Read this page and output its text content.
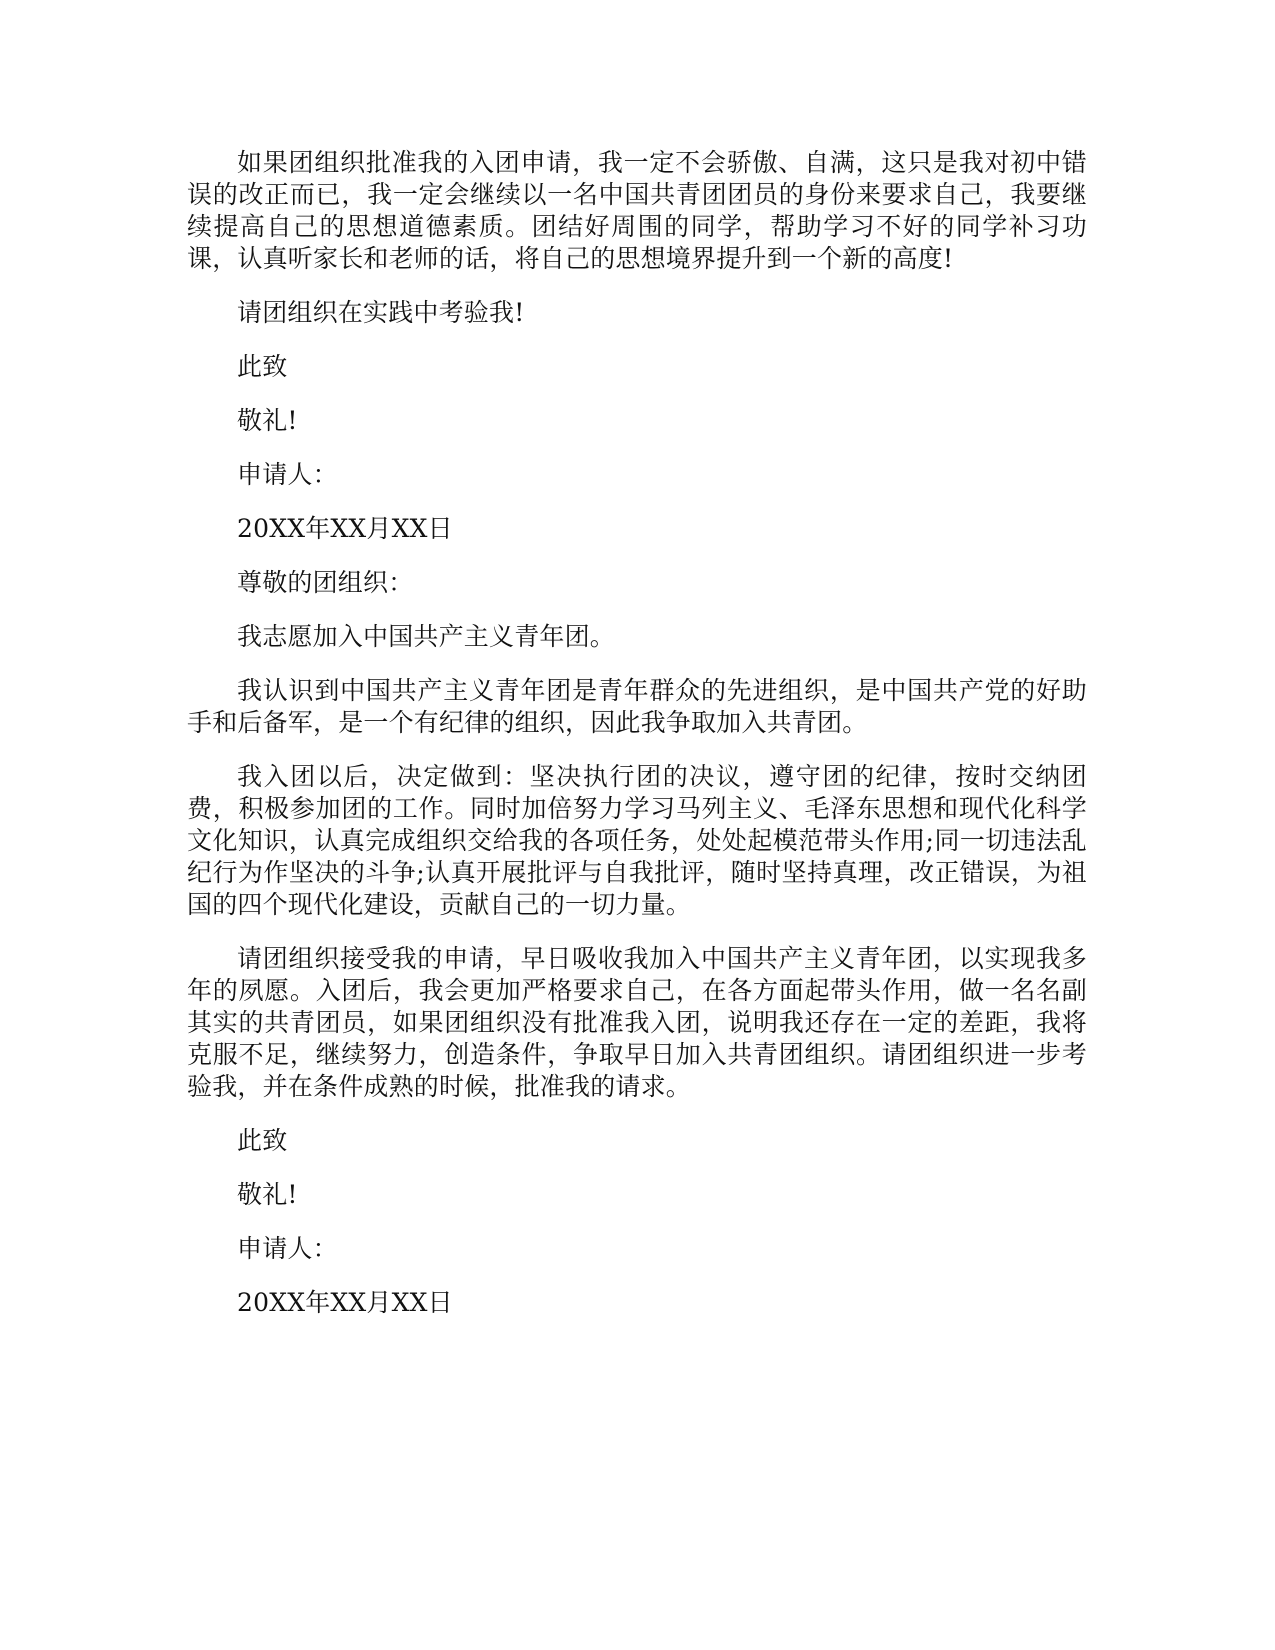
如果团组织批准我的入团申请，我一定不会骄傲、自满，这只是我对初中错误的改正而已，我一定会继续以一名中国共青团团员的身份来要求自己，我要继续提高自己的思想道德素质。团结好周围的同学，帮助学习不好的同学补习功课，认真听家长和老师的话，将自己的思想境界提升到一个新的高度!

请团组织在实践中考验我!

此致

敬礼!

申请人：

20XX年XX月XX日

尊敬的团组织：

我志愿加入中国共产主义青年团。

我认识到中国共产主义青年团是青年群众的先进组织，是中国共产党的好助手和后备军，是一个有纪律的组织，因此我争取加入共青团。

我入团以后，决定做到：坚决执行团的决议，遵守团的纪律，按时交纳团费，积极参加团的工作。同时加倍努力学习马列主义、毛泽东思想和现代化科学文化知识，认真完成组织交给我的各项任务，处处起模范带头作用;同一切违法乱纪行为作坚决的斗争;认真开展批评与自我批评，随时坚持真理，改正错误，为祖国的四个现代化建设，贡献自己的一切力量。

请团组织接受我的申请，早日吸收我加入中国共产主义青年团，以实现我多年的夙愿。入团后，我会更加严格要求自己，在各方面起带头作用，做一名名副其实的共青团员，如果团组织没有批准我入团，说明我还存在一定的差距，我将克服不足，继续努力，创造条件，争取早日加入共青团组织。请团组织进一步考验我，并在条件成熟的时候，批准我的请求。

此致

敬礼!

申请人：

20XX年XX月XX日
